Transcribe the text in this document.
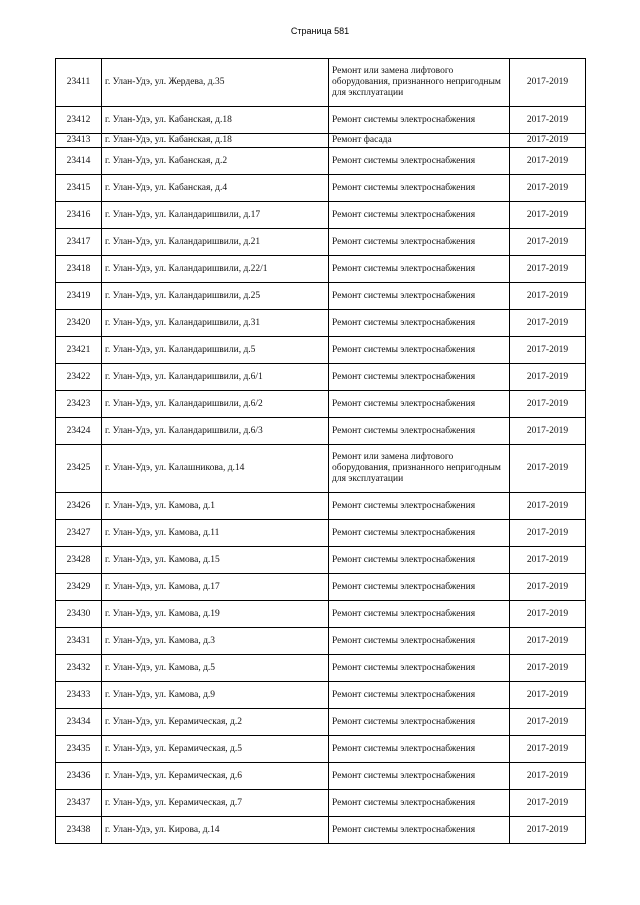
Страница 581
23411	г. Улан-Удэ, ул. Жердева, д.35	Ремонт или замена лифтового оборудования, признанного непригодным для эксплуатации	2017-2019
23412	г. Улан-Удэ, ул. Кабанская, д.18	Ремонт системы электроснабжения	2017-2019
23413	г. Улан-Удэ, ул. Кабанская, д.18	Ремонт фасада	2017-2019
23414	г. Улан-Удэ, ул. Кабанская, д.2	Ремонт системы электроснабжения	2017-2019
23415	г. Улан-Удэ, ул. Кабанская, д.4	Ремонт системы электроснабжения	2017-2019
23416	г. Улан-Удэ, ул. Каландаришвили, д.17	Ремонт системы электроснабжения	2017-2019
23417	г. Улан-Удэ, ул. Каландаришвили, д.21	Ремонт системы электроснабжения	2017-2019
23418	г. Улан-Удэ, ул. Каландаришвили, д.22/1	Ремонт системы электроснабжения	2017-2019
23419	г. Улан-Удэ, ул. Каландаришвили, д.25	Ремонт системы электроснабжения	2017-2019
23420	г. Улан-Удэ, ул. Каландаришвили, д.31	Ремонт системы электроснабжения	2017-2019
23421	г. Улан-Удэ, ул. Каландаришвили, д.5	Ремонт системы электроснабжения	2017-2019
23422	г. Улан-Удэ, ул. Каландаришвили, д.6/1	Ремонт системы электроснабжения	2017-2019
23423	г. Улан-Удэ, ул. Каландаришвили, д.6/2	Ремонт системы электроснабжения	2017-2019
23424	г. Улан-Удэ, ул. Каландаришвили, д.6/3	Ремонт системы электроснабжения	2017-2019
23425	г. Улан-Удэ, ул. Калашникова, д.14	Ремонт или замена лифтового оборудования, признанного непригодным для эксплуатации	2017-2019
23426	г. Улан-Удэ, ул. Камова, д.1	Ремонт системы электроснабжения	2017-2019
23427	г. Улан-Удэ, ул. Камова, д.11	Ремонт системы электроснабжения	2017-2019
23428	г. Улан-Удэ, ул. Камова, д.15	Ремонт системы электроснабжения	2017-2019
23429	г. Улан-Удэ, ул. Камова, д.17	Ремонт системы электроснабжения	2017-2019
23430	г. Улан-Удэ, ул. Камова, д.19	Ремонт системы электроснабжения	2017-2019
23431	г. Улан-Удэ, ул. Камова, д.3	Ремонт системы электроснабжения	2017-2019
23432	г. Улан-Удэ, ул. Камова, д.5	Ремонт системы электроснабжения	2017-2019
23433	г. Улан-Удэ, ул. Камова, д.9	Ремонт системы электроснабжения	2017-2019
23434	г. Улан-Удэ, ул. Керамическая, д.2	Ремонт системы электроснабжения	2017-2019
23435	г. Улан-Удэ, ул. Керамическая, д.5	Ремонт системы электроснабжения	2017-2019
23436	г. Улан-Удэ, ул. Керамическая, д.6	Ремонт системы электроснабжения	2017-2019
23437	г. Улан-Удэ, ул. Керамическая, д.7	Ремонт системы электроснабжения	2017-2019
23438	г. Улан-Удэ, ул. Кирова, д.14	Ремонт системы электроснабжения	2017-2019
